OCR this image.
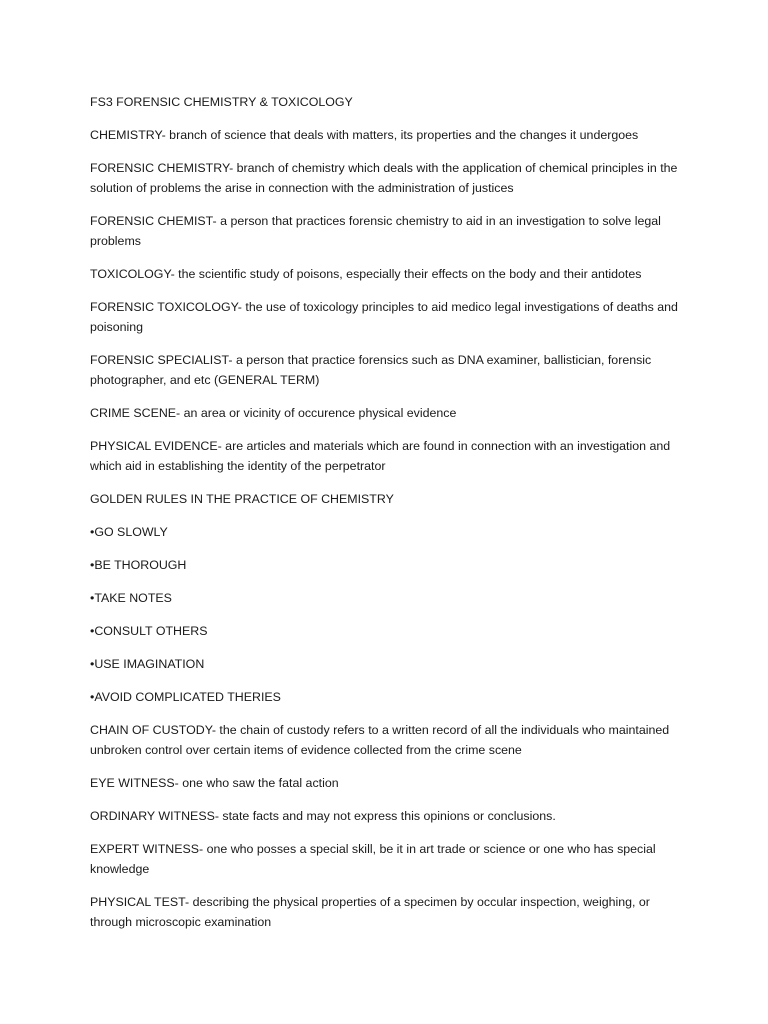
FS3 FORENSIC CHEMISTRY & TOXICOLOGY

CHEMISTRY- branch of science that deals with matters, its properties and the changes it undergoes

FORENSIC CHEMISTRY- branch of chemistry which deals with the application of chemical principles in the solution of problems the arise in connection with the administration of justices

FORENSIC CHEMIST- a person that practices forensic chemistry to aid in an investigation to solve legal problems

TOXICOLOGY- the scientific study of poisons, especially their effects on the body and their antidotes

FORENSIC TOXICOLOGY- the use of toxicology principles to aid medico legal investigations of deaths and poisoning

FORENSIC SPECIALIST- a person that practice forensics such as DNA examiner, ballistician, forensic photographer, and etc (GENERAL TERM)

CRIME SCENE- an area or vicinity of occurence physical evidence

PHYSICAL EVIDENCE- are articles and materials which are found in connection with an investigation and which aid in establishing the identity of the perpetrator

GOLDEN RULES IN THE PRACTICE OF CHEMISTRY

•GO SLOWLY

•BE THOROUGH

•TAKE NOTES

•CONSULT OTHERS

•USE IMAGINATION

•AVOID COMPLICATED THERIES

CHAIN OF CUSTODY- the chain of custody refers to a written record of all the individuals who maintained unbroken control over certain items of evidence collected from the crime scene

EYE WITNESS- one who saw the fatal action

ORDINARY WITNESS- state facts and may not express this opinions or conclusions.

EXPERT WITNESS- one who posses a special skill, be it in art trade or science or one who has special knowledge

PHYSICAL TEST- describing the physical properties of a specimen by occular inspection, weighing, or through microscopic examination
